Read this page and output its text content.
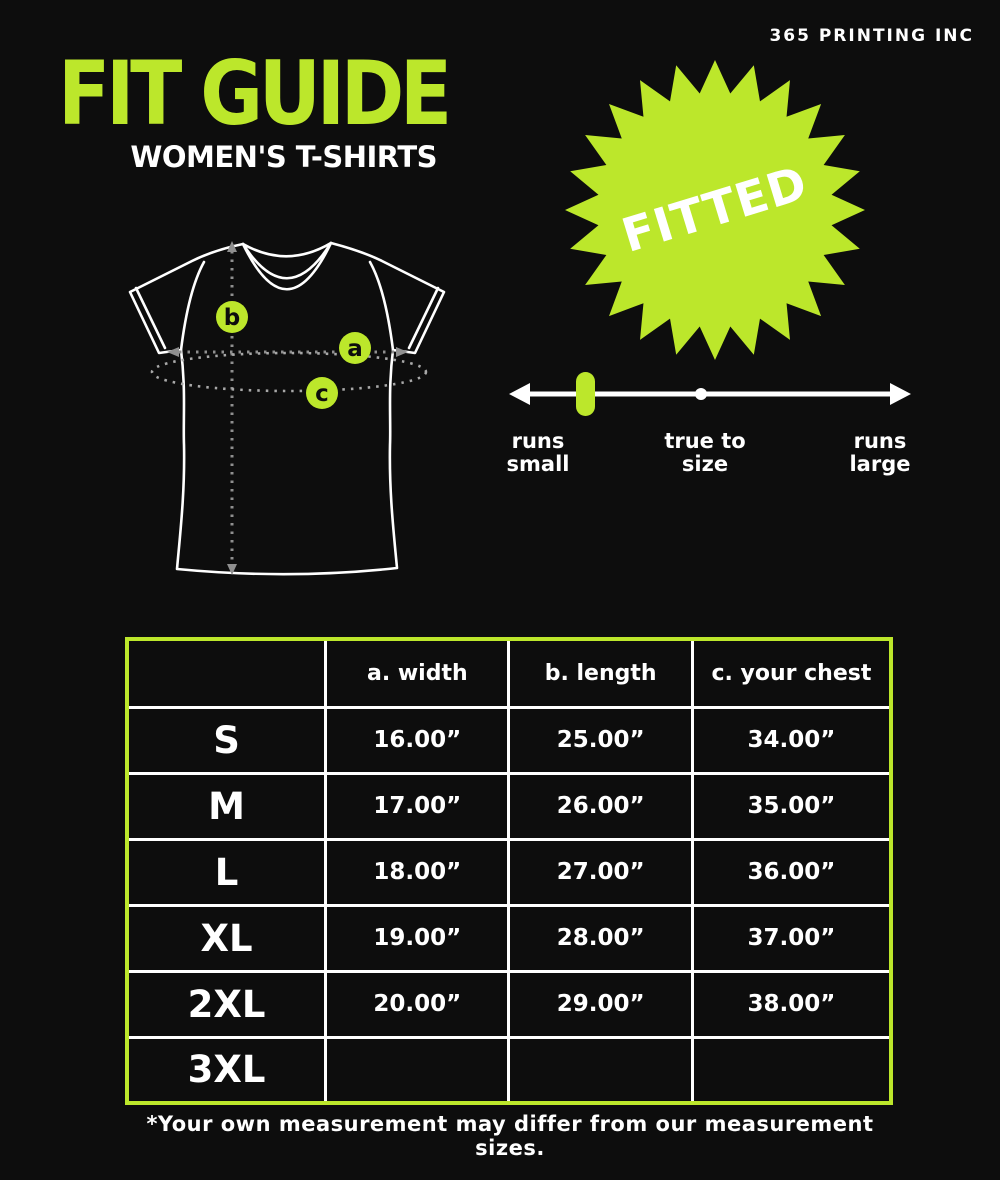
365 PRINTING INC
FIT GUIDE
WOMEN'S T-SHIRTS	FITTED
b
a
c
runs
small
true to
size
runs
large
	a. width	b. length	c. your chest
S	16.00”	25.00”	34.00”
M	17.00”	26.00”	35.00”
L	18.00”	27.00”	36.00”
XL	19.00”	28.00”	37.00”
2XL	20.00”	29.00”	38.00”
3XL			
*Your own measurement may differ from our measurement sizes.
